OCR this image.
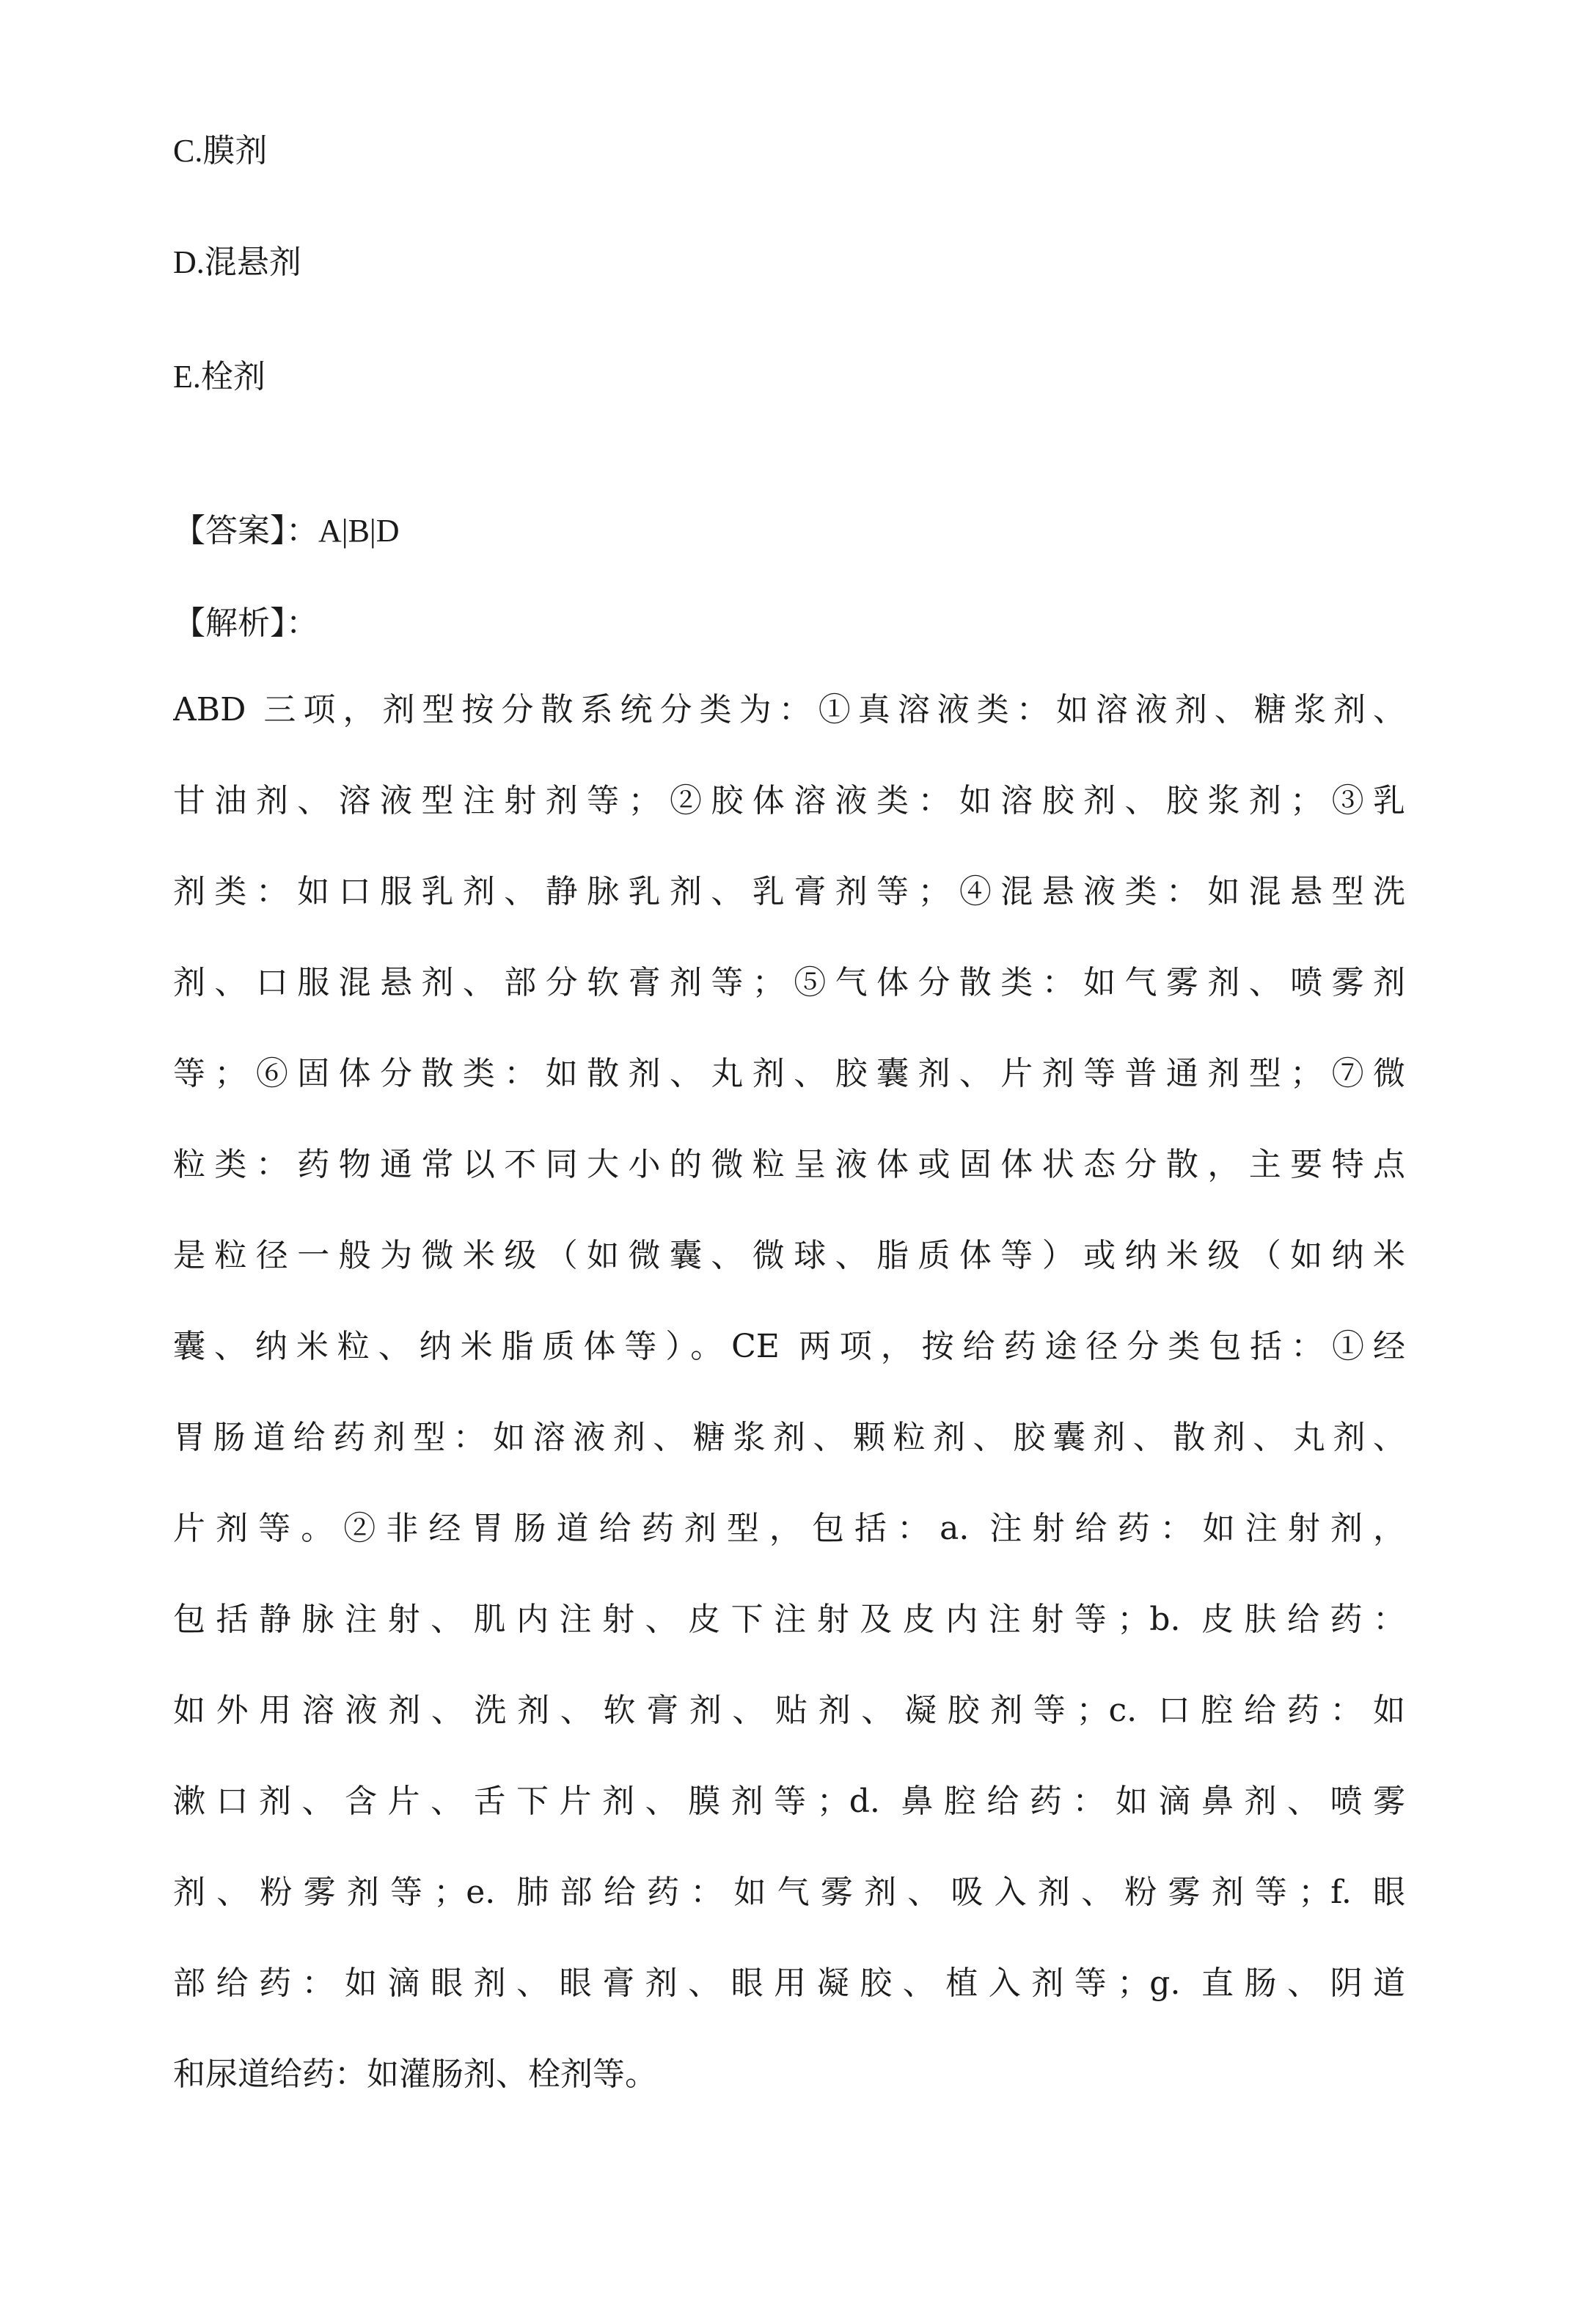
C.膜剂
D.混悬剂
E.栓剂
【答案】：A|B|D
【解析】：
ABD 三项，剂型按分散系统分类为：①真溶液类：如溶液剂、糖浆剂、
甘油剂、溶液型注射剂等；②胶体溶液类：如溶胶剂、胶浆剂；③乳
剂类：如口服乳剂、静脉乳剂、乳膏剂等；④混悬液类：如混悬型洗
剂、口服混悬剂、部分软膏剂等；⑤气体分散类：如气雾剂、喷雾剂
等；⑥固体分散类：如散剂、丸剂、胶囊剂、片剂等普通剂型；⑦微
粒类：药物通常以不同大小的微粒呈液体或固体状态分散，主要特点
是粒径一般为微米级（如微囊、微球、脂质体等）或纳米级（如纳米
囊、纳米粒、纳米脂质体等）。CE 两项，按给药途径分类包括：①经
胃肠道给药剂型：如溶液剂、糖浆剂、颗粒剂、胶囊剂、散剂、丸剂、
片剂等。②非经胃肠道给药剂型，包括：a. 注射给药：如注射剂，
包括静脉注射、肌内注射、皮下注射及皮内注射等；b. 皮肤给药：
如外用溶液剂、洗剂、软膏剂、贴剂、凝胶剂等；c. 口腔给药：如
漱口剂、含片、舌下片剂、膜剂等；d. 鼻腔给药：如滴鼻剂、喷雾
剂、粉雾剂等；e. 肺部给药：如气雾剂、吸入剂、粉雾剂等；f. 眼
部给药：如滴眼剂、眼膏剂、眼用凝胶、植入剂等；g. 直肠、阴道
和尿道给药：如灌肠剂、栓剂等。
